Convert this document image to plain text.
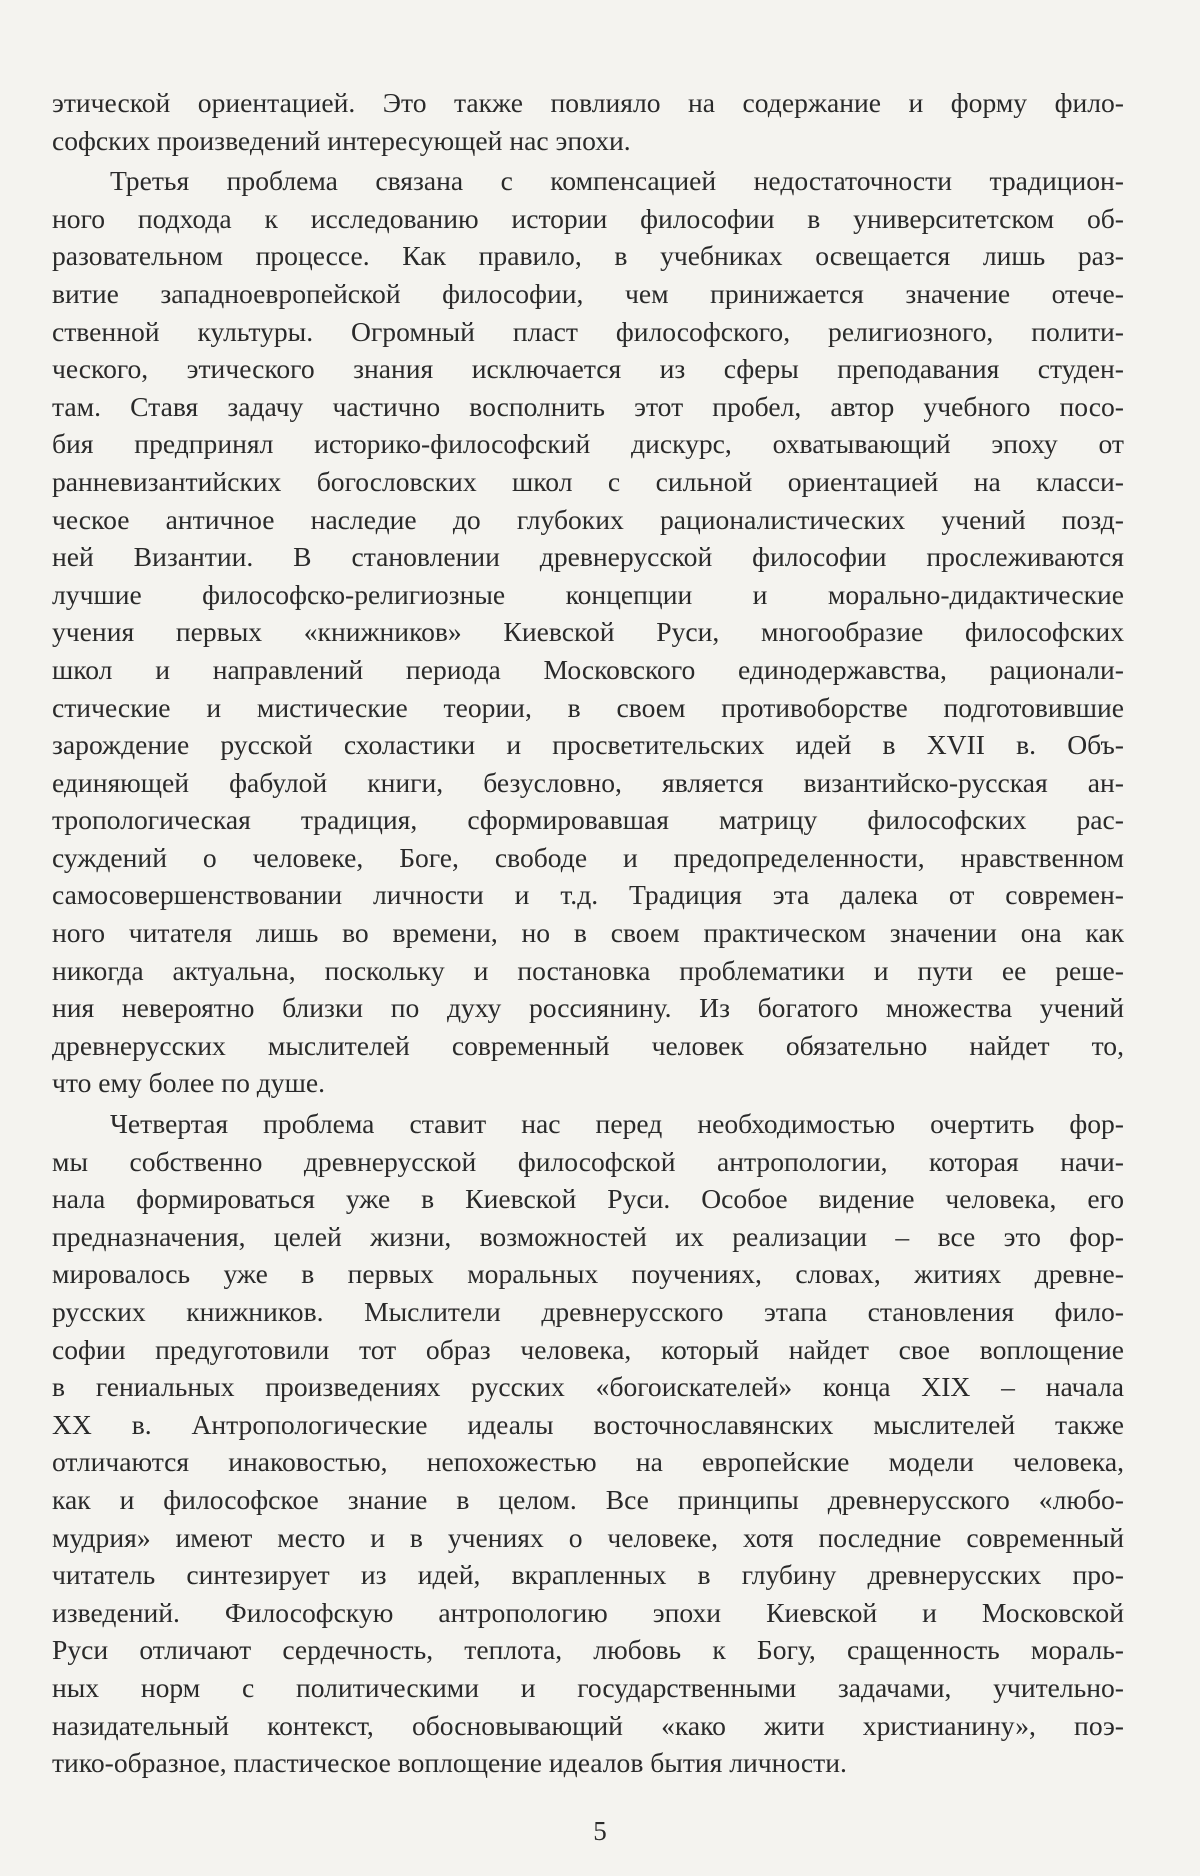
этической ориентацией. Это также повлияло на содержание и форму фило-
софских произведений интересующей нас эпохи.
Третья проблема связана с компенсацией недостаточности традицион-
ного подхода к исследованию истории философии в университетском об-
разовательном процессе. Как правило, в учебниках освещается лишь раз-
витие западноевропейской философии, чем принижается значение отече-
ственной культуры. Огромный пласт философского, религиозного, полити-
ческого, этического знания исключается из сферы преподавания студен-
там. Ставя задачу частично восполнить этот пробел, автор учебного посо-
бия предпринял историко-философский дискурс, охватывающий эпоху от
ранневизантийских богословских школ с сильной ориентацией на класси-
ческое античное наследие до глубоких рационалистических учений позд-
ней Византии. В становлении древнерусской философии прослеживаются
лучшие философско-религиозные концепции и морально-дидактические
учения первых «книжников» Киевской Руси, многообразие философских
школ и направлений периода Московского единодержавства, рационали-
стические и мистические теории, в своем противоборстве подготовившие
зарождение русской схоластики и просветительских идей в XVII в. Объ-
единяющей фабулой книги, безусловно, является византийско-русская ан-
тропологическая традиция, сформировавшая матрицу философских рас-
суждений о человеке, Боге, свободе и предопределенности, нравственном
самосовершенствовании личности и т.д. Традиция эта далека от современ-
ного читателя лишь во времени, но в своем практическом значении она как
никогда актуальна, поскольку и постановка проблематики и пути ее реше-
ния невероятно близки по духу россиянину. Из богатого множества учений
древнерусских мыслителей современный человек обязательно найдет то,
что ему более по душе.
Четвертая проблема ставит нас перед необходимостью очертить фор-
мы собственно древнерусской философской антропологии, которая начи-
нала формироваться уже в Киевской Руси. Особое видение человека, его
предназначения, целей жизни, возможностей их реализации – все это фор-
мировалось уже в первых моральных поучениях, словах, житиях древне-
русских книжников. Мыслители древнерусского этапа становления фило-
софии предуготовили тот образ человека, который найдет свое воплощение
в гениальных произведениях русских «богоискателей» конца XIX – начала
XX в. Антропологические идеалы восточнославянских мыслителей также
отличаются инаковостью, непохожестью на европейские модели человека,
как и философское знание в целом. Все принципы древнерусского «любо-
мудрия» имеют место и в учениях о человеке, хотя последние современный
читатель синтезирует из идей, вкрапленных в глубину древнерусских про-
изведений. Философскую антропологию эпохи Киевской и Московской
Руси отличают сердечность, теплота, любовь к Богу, сращенность мораль-
ных норм с политическими и государственными задачами, учительно-
назидательный контекст, обосновывающий «како жити христианину», поэ-
тико-образное, пластическое воплощение идеалов бытия личности.
5
